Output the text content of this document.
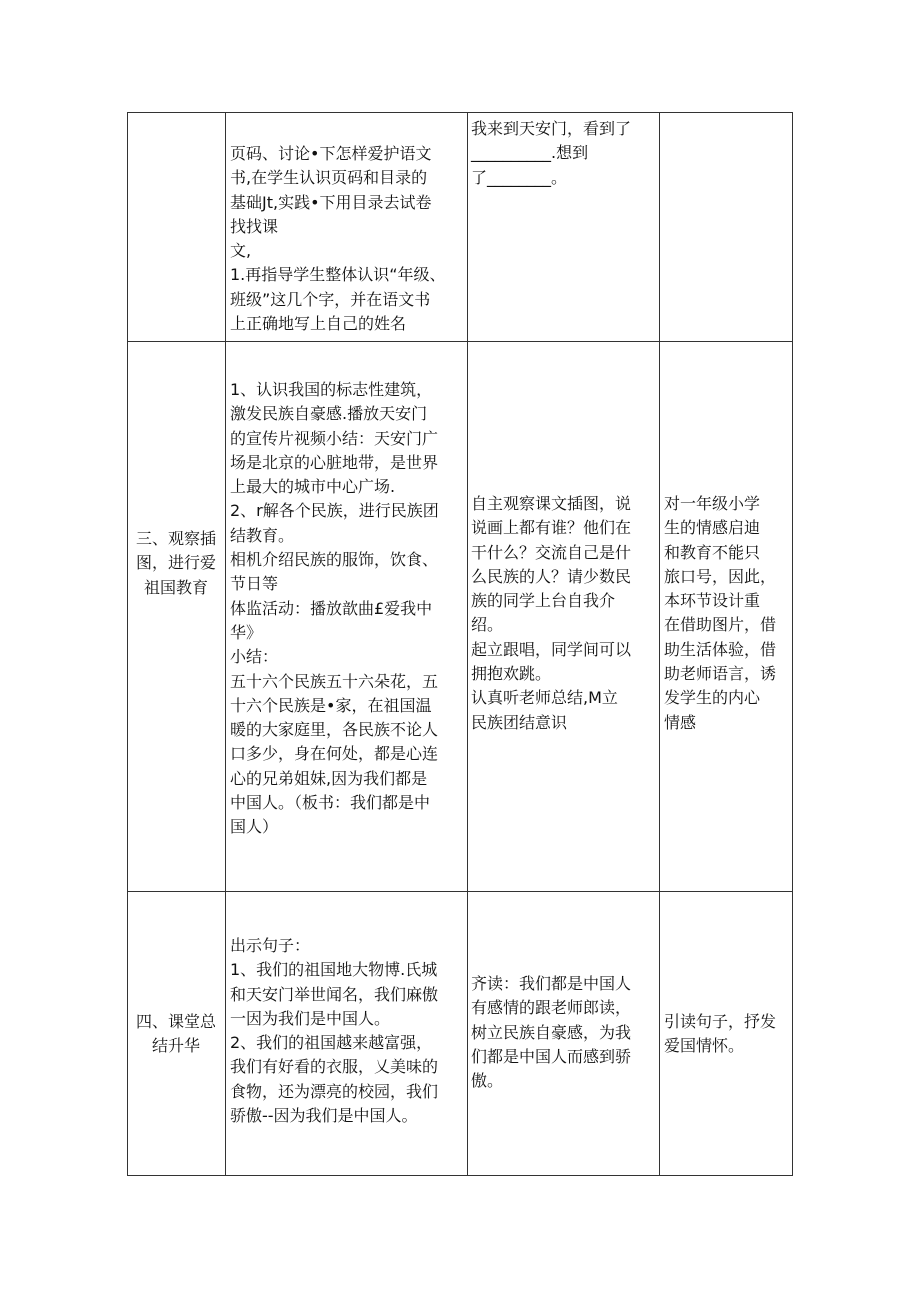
页码、讨论•下怎样爱护语文

书,在学生认识页码和目录的

基础Jt,实践•下用目录去试卷

找找课

文,

1.再指导学生整体认识“年级、

班级”这几个字，并在语文书

上正确地写上自己的姓名

我来到天安门，看到了

__________.想到

了________。

三、观察插

图，进行爱

祖国教育

1、认识我国的标志性建筑，

激发民族自豪感.播放天安门

的宣传片视频小结：天安门广

场是北京的心脏地带，是世界

上最大的城市中心广场.

2、r解各个民族，进行民族团

结教育。

相机介绍民族的服饰，饮食、

节日等

体监活动：播放歆曲£爱我中

华》

小结：

五十六个民族五十六朵花，五

十六个民族是•家，在祖国温

暖的大家庭里，各民族不论人

口多少，身在何处，都是心连

心的兄弟姐妹,因为我们都是

中国人。（板书：我们都是中

国人）

自主观察课文插图，说

说画上都有谁？他们在

干什么？交流自己是什

么民族的人？请少数民

族的同学上台自我介

绍。

起立跟唱，同学间可以

拥抱欢跳。

认真听老师总结,M立

民族团结意识

对一年级小学

生的情感启迪

和教育不能只

旅口号，因此，

本环节设计重

在借助图片，借

助生活体验，借

助老师语言，诱

发学生的内心

情感

四、课堂总

结升华

出示句子：

1、我们的祖国地大物博.氏城

和天安门举世闻名，我们麻傲

一因为我们是中国人。

2、我们的祖国越来越富强，

我们有好看的衣服，乂美味的

食物，还为漂亮的校园，我们

骄傲--因为我们是中国人。

齐读：我们都是中国人

有感情的跟老师郎读，

树立民族自豪感，为我

们都是中国人而感到骄

傲。

引读句子，抒发

爱国情怀。
